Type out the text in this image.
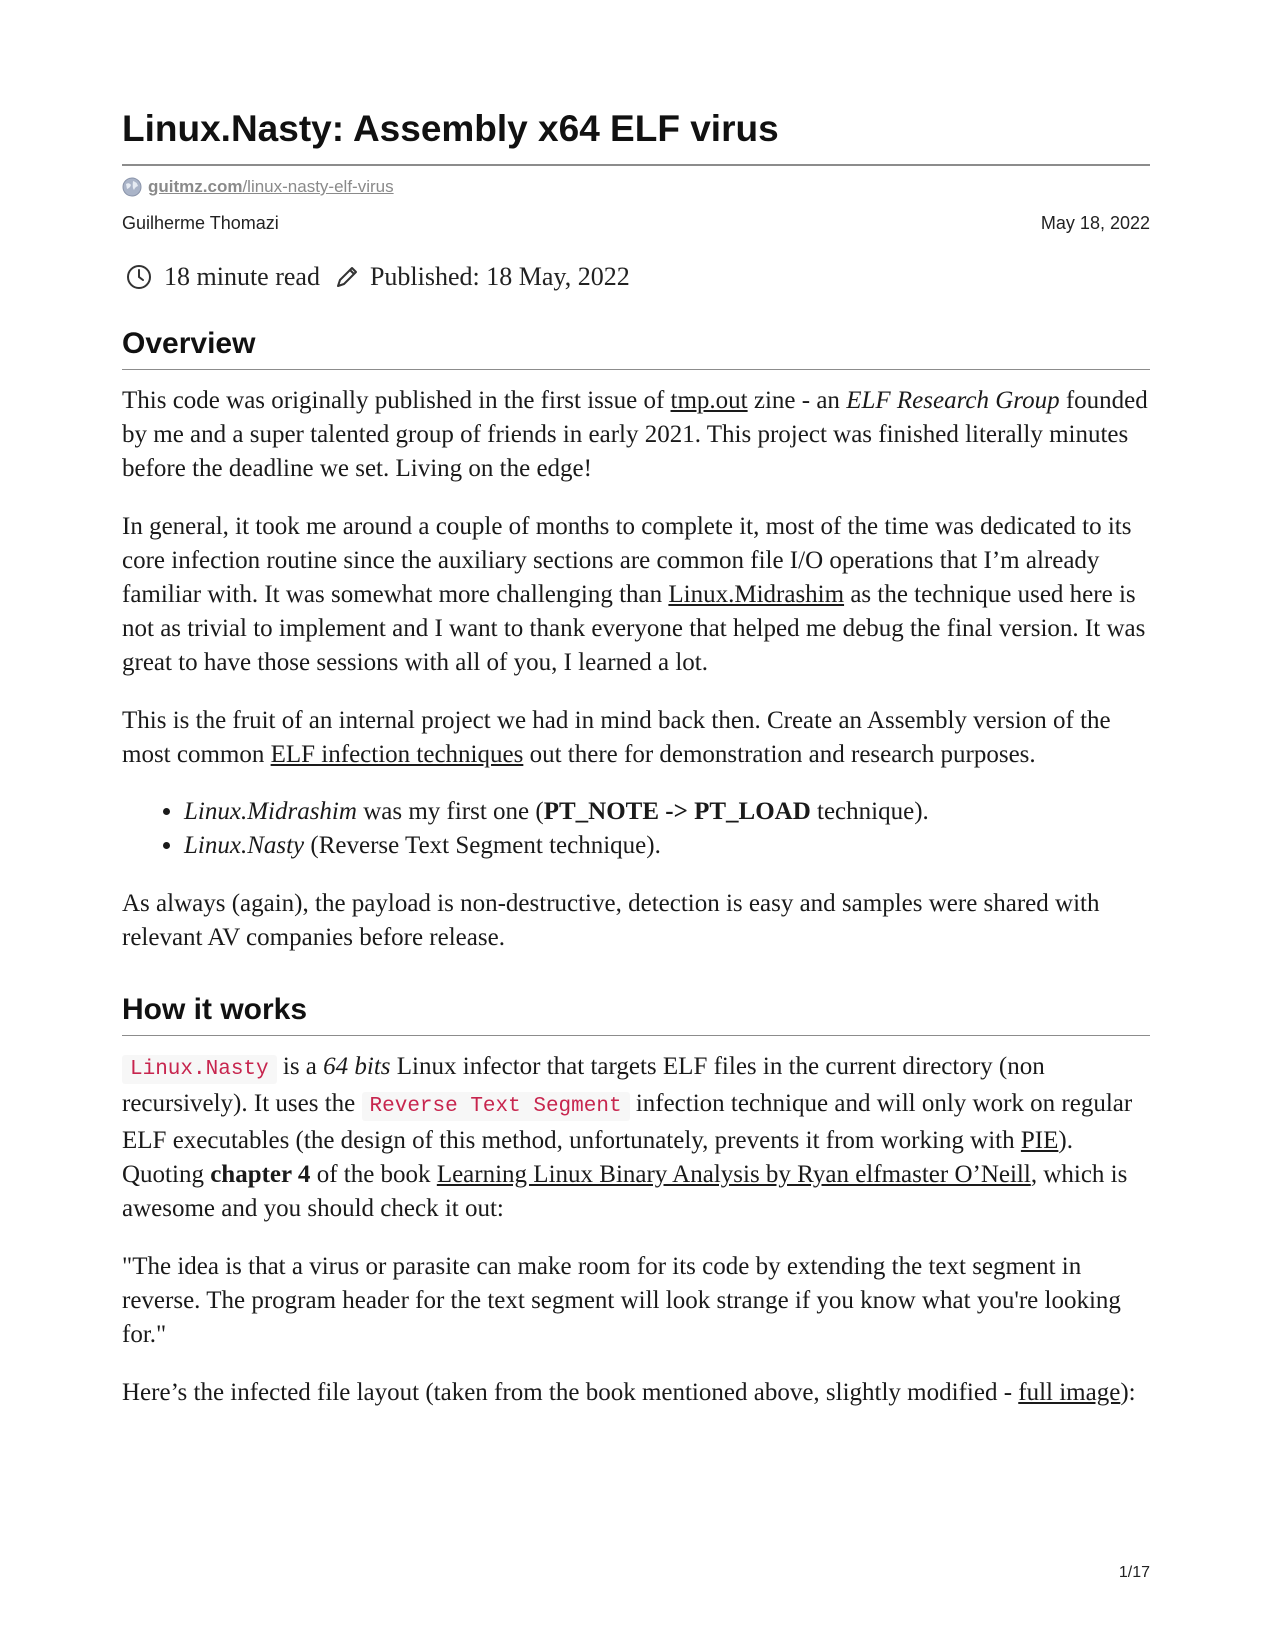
Linux.Nasty: Assembly x64 ELF virus
guitmz.com/linux-nasty-elf-virus
Guilherme Thomazi	May 18, 2022
18 minute read Published: 18 May, 2022
Overview

This code was originally published in the first issue of tmp.out zine - an ELF Research Group founded by me and a super talented group of friends in early 2021. This project was finished literally minutes before the deadline we set. Living on the edge!

In general, it took me around a couple of months to complete it, most of the time was dedicated to its core infection routine since the auxiliary sections are common file I/O operations that I’m already familiar with. It was somewhat more challenging than Linux.Midrashim as the technique used here is not as trivial to implement and I want to thank everyone that helped me debug the final version. It was great to have those sessions with all of you, I learned a lot.

This is the fruit of an internal project we had in mind back then. Create an Assembly version of the most common ELF infection techniques out there for demonstration and research purposes.

• Linux.Midrashim was my first one (PT_NOTE -> PT_LOAD technique).
• Linux.Nasty (Reverse Text Segment technique).

As always (again), the payload is non-destructive, detection is easy and samples were shared with relevant AV companies before release.

How it works

Linux.Nasty is a 64 bits Linux infector that targets ELF files in the current directory (non recursively). It uses the Reverse Text Segment infection technique and will only work on regular ELF executables (the design of this method, unfortunately, prevents it from working with PIE). Quoting chapter 4 of the book Learning Linux Binary Analysis by Ryan elfmaster O’Neill, which is awesome and you should check it out:

"The idea is that a virus or parasite can make room for its code by extending the text segment in reverse. The program header for the text segment will look strange if you know what you're looking for."

Here’s the infected file layout (taken from the book mentioned above, slightly modified - full image):

1/17
